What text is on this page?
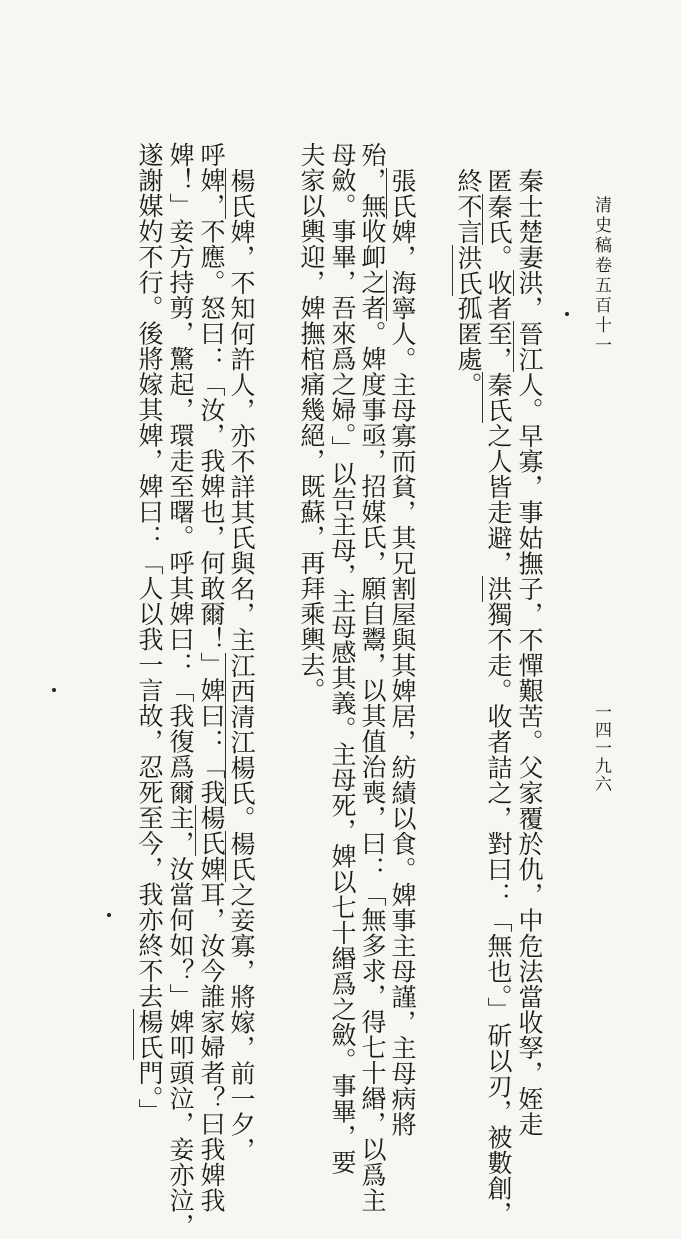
清史稿卷五百十一
一四一九六
秦士楚妻洪，晉江人。早寡，事姑撫子，不憚艱苦。父家覆於仇，中危法當收孥，姪走
匿秦氏。收者至，秦氏之人皆走避，洪獨不走。收者詰之，對曰：「無也。」斫以刃，被數創，
終不言洪氏孤匿處。
張氏婢，海寧人。主母寡而貧，其兄割屋與其婢居，紡績以食。婢事主母謹，主母病將
殆，無收卹之者。婢度事亟，招媒氏，願自鬻，以其值治喪，曰：「無多求，得七十緡，以爲主
母斂。事畢，吾來爲之婦。」以告主母，主母感其義。主母死，婢以七十緡爲之斂。事畢，要
夫家以輿迎，婢撫棺痛幾絕，既蘇，再拜乘輿去。
楊氏婢，不知何許人，亦不詳其氏與名，主江西清江楊氏。楊氏之妾寡，將嫁，前一夕，
呼婢，不應。怒曰：「汝，我婢也，何敢爾！」婢曰：「我楊氏婢耳，汝今誰家婦者？曰我婢我
婢！」妾方持剪，驚起，環走至曙。呼其婢曰：「我復爲爾主，汝當何如？」婢叩頭泣，妾亦泣，
遂謝媒妁不行。後將嫁其婢，婢曰：「人以我一言故，忍死至今，我亦終不去楊氏門。」
